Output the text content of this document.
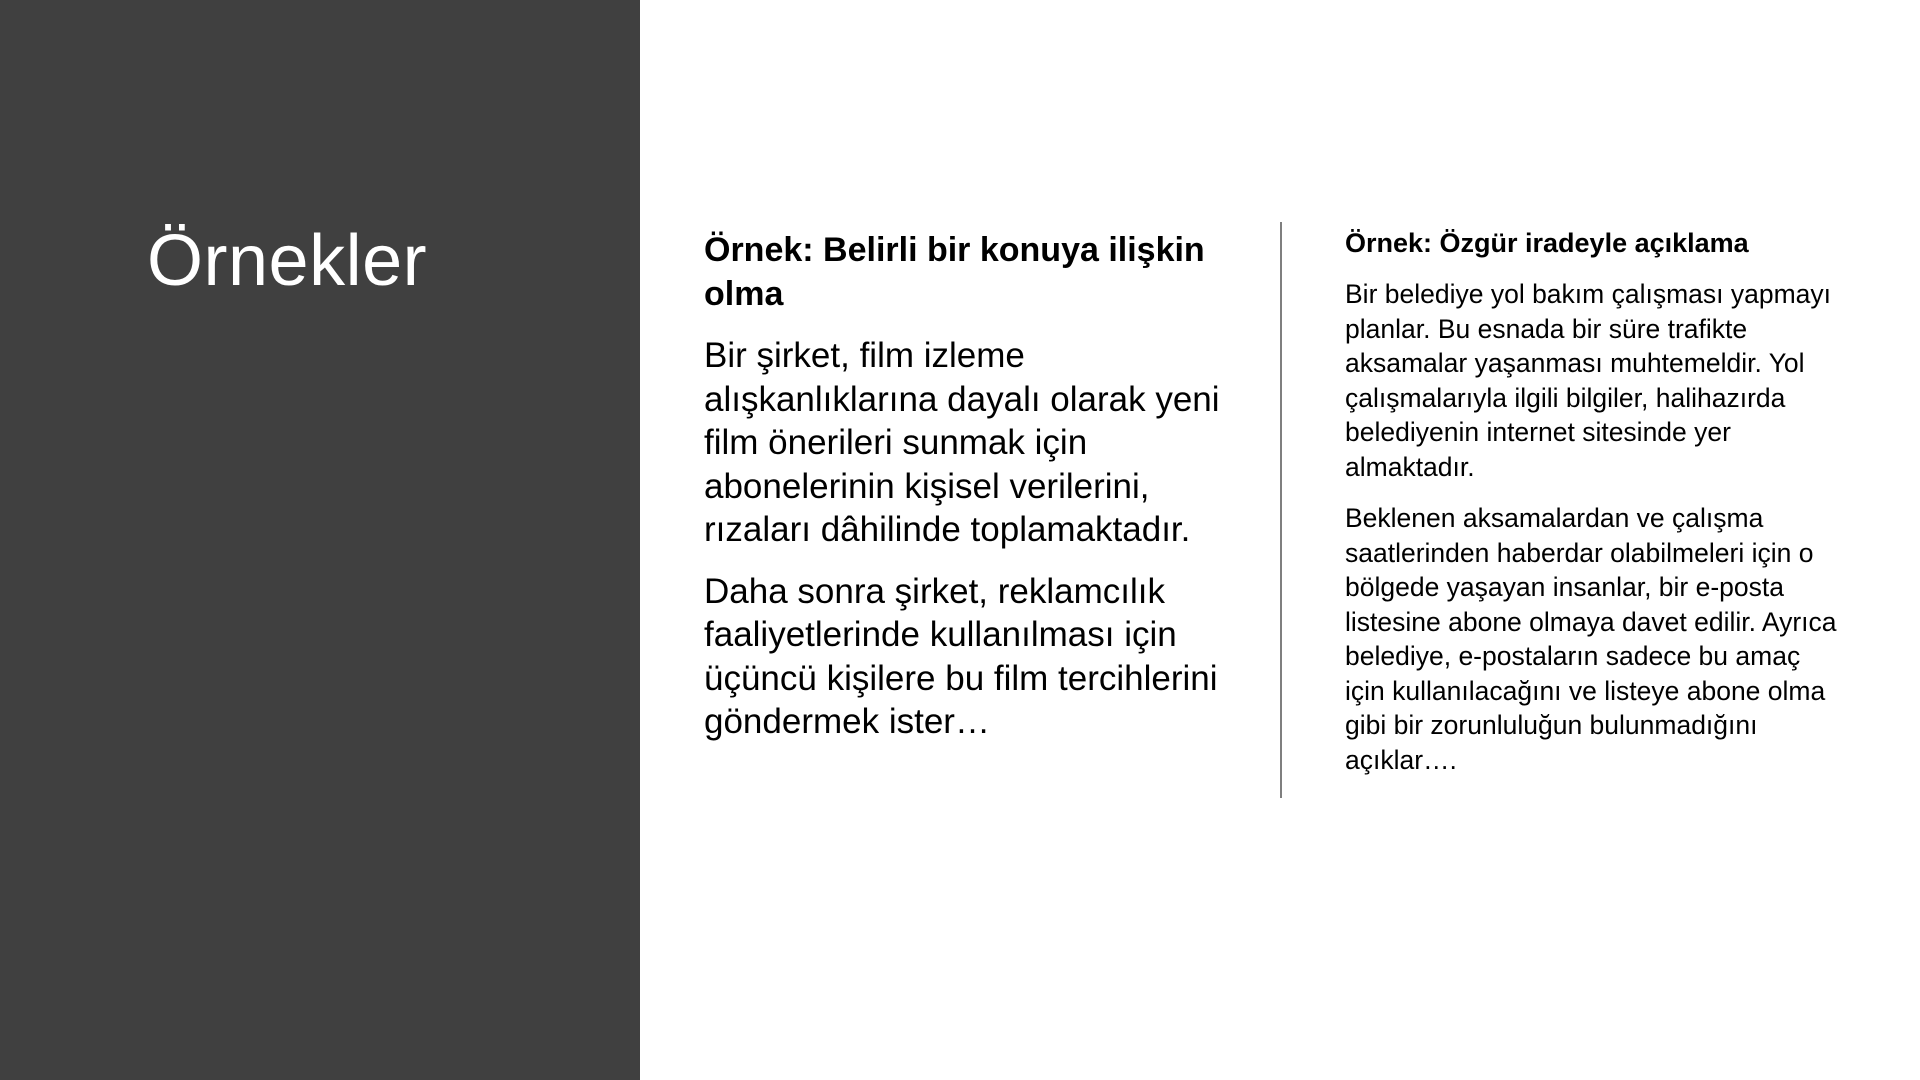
Örnekler	Örnek: Belirli bir konuya ilişkin olma

Bir şirket, film izleme alışkanlıklarına dayalı olarak yeni film önerileri sunmak için abonelerinin kişisel verilerini, rızaları dâhilinde toplamaktadır.

Daha sonra şirket, reklamcılık faaliyetlerinde kullanılması için üçüncü kişilere bu film tercihlerini göndermek ister…

Örnek: Özgür iradeyle açıklama

Bir belediye yol bakım çalışması yapmayı planlar. Bu esnada bir süre trafikte aksamalar yaşanması muhtemeldir. Yol çalışmalarıyla ilgili bilgiler, halihazırda belediyenin internet sitesinde yer almaktadır.

Beklenen aksamalardan ve çalışma saatlerinden haberdar olabilmeleri için o bölgede yaşayan insanlar, bir e-posta listesine abone olmaya davet edilir. Ayrıca belediye, e-postaların sadece bu amaç için kullanılacağını ve listeye abone olma gibi bir zorunluluğun bulunmadığını açıklar….
